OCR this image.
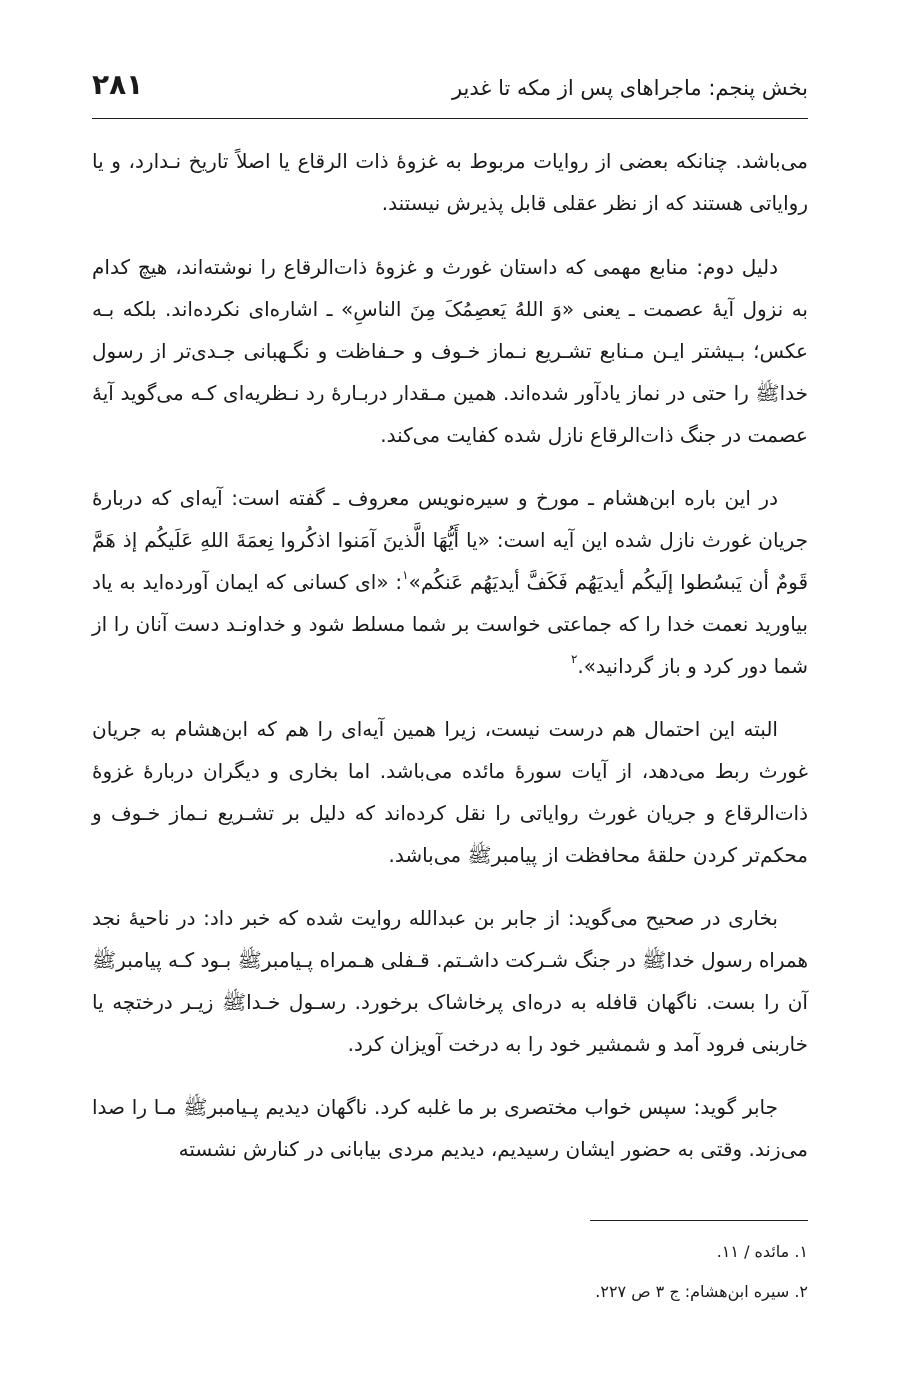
۲۸۱	بخش پنجم: ماجراهای پس از مکه تا غدیر

می‌باشد. چنانکه بعضی از روایات مربوط به غزوۀ ذات الرقاع یا اصلاً تاریخ نـدارد، و یا روایاتی هستند که از نظر عقلی قابل پذیرش نیستند.

دلیل دوم: منابع مهمی که داستان غورث و غزوۀ ذات‌الرقاع را نوشته‌اند، هیچ کدام به نزول آیۀ عصمت ـ یعنی «وَ اللهُ یَعصِمُکَ مِنَ الناسِ» ـ اشاره‌ای نکرده‌اند. بلکه بـه عکس؛ بـیشتر ایـن مـنابع تشـریع نـماز خـوف و حـفاظت و نگـهبانی جـدی‌تر از رسول خداﷺ را حتی در نماز یادآور شده‌اند. همین مـقدار دربـارۀ رد نـظریه‌ای کـه می‌گوید آیۀ عصمت در جنگ ذات‌الرقاع نازل شده کفایت می‌کند.

در این باره ابن‌هشام ـ مورخ و سیره‌نویس معروف ـ گفته است: آیه‌ای که دربارۀ جریان غورث نازل شده این آیه است: «یا أَیُّهَا الَّذینَ آمَنوا اذکُروا نِعمَةَ اللهِ عَلَیکُم إذ هَمَّ قَومٌ أن یَبسُطوا إلَیکُم أیدیَهُم فَکَفَّ أیدیَهُم عَنکُم»$^۱$: «ای کسانی که ایمان آورده‌اید به یاد بیاورید نعمت خدا را که جماعتی خواست بر شما مسلط شود و خداونـد دست آنان را از شما دور کرد و باز گردانید».$^۲$

البته این احتمال هم درست نیست، زیرا همین آیه‌ای را هم که ابن‌هشام به جریان غورث ربط می‌دهد، از آیات سورۀ مائده می‌باشد. اما بخاری و دیگران دربارۀ غزوۀ ذات‌الرقاع و جریان غورث روایاتی را نقل کرده‌اند که دلیل بر تشـریع نـماز خـوف و محکم‌تر کردن حلقۀ محافظت از پیامبرﷺ می‌باشد.

بخاری در صحیح می‌گوید: از جابر بن عبدالله روایت شده که خبر داد: در ناحیۀ نجد همراه رسول خداﷺ در جنگ شـرکت داشـتم. قـفلی هـمراه پـیامبرﷺ بـود کـه پیامبرﷺ آن را بست. ناگهان قافله به دره‌ای پرخاشاک برخورد. رسـول خـداﷺ زیـر درختچه یا خاربنی فرود آمد و شمشیر خود را به درخت آویزان کرد.

جابر گوید: سپس خواب مختصری بر ما غلبه کرد. ناگهان دیدیم پـیامبرﷺ مـا را صدا می‌زند. وقتی به حضور ایشان رسیدیم، دیدیم مردی بیابانی در کنارش نشسته

۱. مائده / ۱۱.
۲. سیره ابن‌هشام: ج ۳ ص ۲۲۷.
